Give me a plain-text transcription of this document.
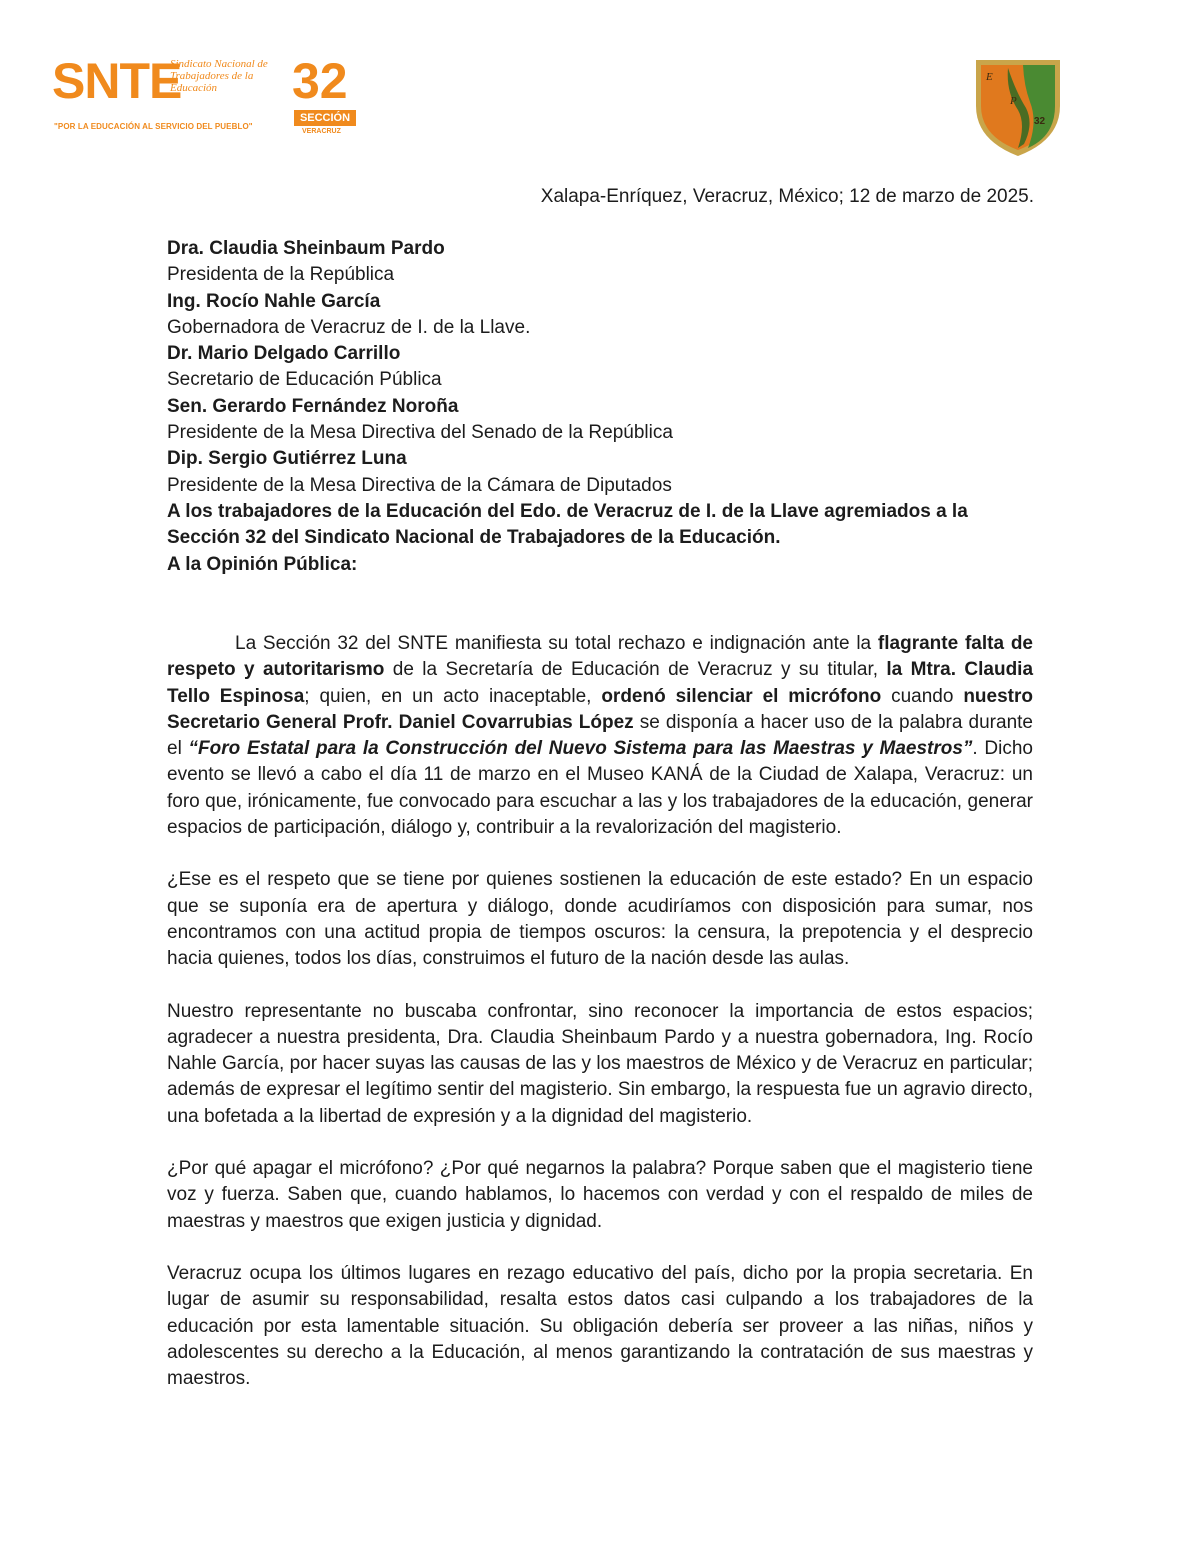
SNTE
Sindicato Nacional de Trabajadores de la Educación	32
SECCIÓN
VERACRUZ
"POR LA EDUCACIÓN AL SERVICIO DEL PUEBLO"
E
P
32
Xalapa-Enríquez, Veracruz, México; 12 de marzo de 2025.

Dra. Claudia Sheinbaum Pardo

Presidenta de la República

Ing. Rocío Nahle García

Gobernadora de Veracruz de I. de la Llave.

Dr. Mario Delgado Carrillo

Secretario de Educación Pública

Sen. Gerardo Fernández Noroña

Presidente de la Mesa Directiva del Senado de la República

Dip. Sergio Gutiérrez Luna

Presidente de la Mesa Directiva de la Cámara de Diputados

A los trabajadores de la Educación del Edo. de Veracruz de I. de la Llave agremiados a la

Sección 32 del Sindicato Nacional de Trabajadores de la Educación.

A la Opinión Pública:

La Sección 32 del SNTE manifiesta su total rechazo e indignación ante la flagrante falta de respeto y autoritarismo de la Secretaría de Educación de Veracruz y su titular, la Mtra. Claudia Tello Espinosa; quien, en un acto inaceptable, ordenó silenciar el micrófono cuando nuestro Secretario General Profr. Daniel Covarrubias López se disponía a hacer uso de la palabra durante el “Foro Estatal para la Construcción del Nuevo Sistema para las Maestras y Maestros”. Dicho evento se llevó a cabo el día 11 de marzo en el Museo KANÁ de la Ciudad de Xalapa, Veracruz: un foro que, irónicamente, fue convocado para escuchar a las y los trabajadores de la educación, generar espacios de participación, diálogo y, contribuir a la revalorización del magisterio.

¿Ese es el respeto que se tiene por quienes sostienen la educación de este estado? En un espacio que se suponía era de apertura y diálogo, donde acudiríamos con disposición para sumar, nos encontramos con una actitud propia de tiempos oscuros: la censura, la prepotencia y el desprecio hacia quienes, todos los días, construimos el futuro de la nación desde las aulas.

Nuestro representante no buscaba confrontar, sino reconocer la importancia de estos espacios; agradecer a nuestra presidenta, Dra. Claudia Sheinbaum Pardo y a nuestra gobernadora, Ing. Rocío Nahle García, por hacer suyas las causas de las y los maestros de México y de Veracruz en particular; además de expresar el legítimo sentir del magisterio. Sin embargo, la respuesta fue un agravio directo, una bofetada a la libertad de expresión y a la dignidad del magisterio.

¿Por qué apagar el micrófono? ¿Por qué negarnos la palabra? Porque saben que el magisterio tiene voz y fuerza. Saben que, cuando hablamos, lo hacemos con verdad y con el respaldo de miles de maestras y maestros que exigen justicia y dignidad.

Veracruz ocupa los últimos lugares en rezago educativo del país, dicho por la propia secretaria. En lugar de asumir su responsabilidad, resalta estos datos casi culpando a los trabajadores de la educación por esta lamentable situación. Su obligación debería ser proveer a las niñas, niños y adolescentes su derecho a la Educación, al menos garantizando la contratación de sus maestras y maestros.
